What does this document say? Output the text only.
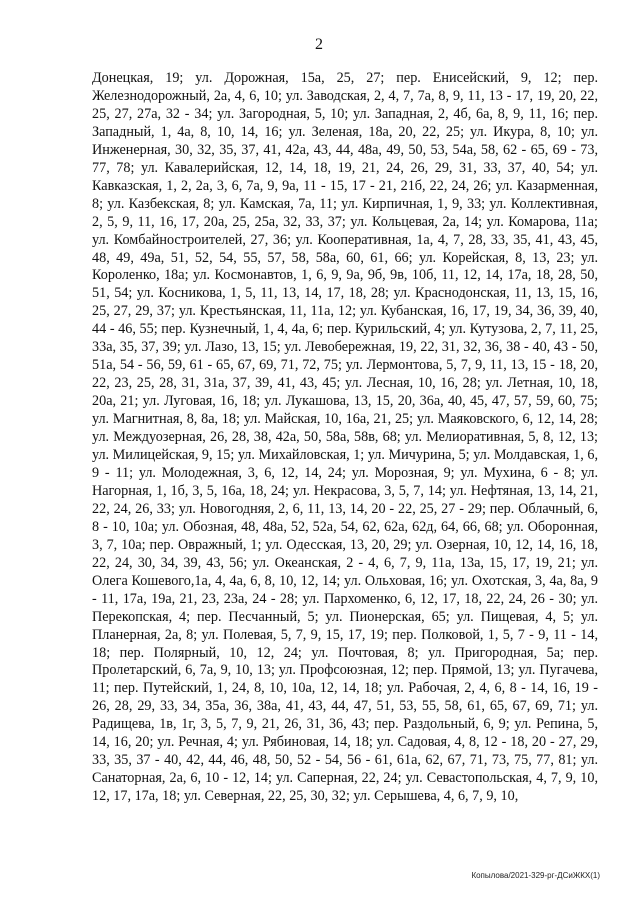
2

Донецкая, 19; ул. Дорожная, 15а, 25, 27; пер. Енисейский, 9, 12; пер. Железнодорожный, 2а, 4, 6, 10; ул. Заводская, 2, 4, 7, 7а, 8, 9, 11, 13 - 17, 19, 20, 22, 25, 27, 27а, 32 - 34; ул. Загородная, 5, 10; ул. Западная, 2, 4б, 6а, 8, 9, 11, 16; пер. Западный, 1, 4а, 8, 10, 14, 16; ул. Зеленая, 18а, 20, 22, 25; ул. Икура, 8, 10; ул. Инженерная, 30, 32, 35, 37, 41, 42а, 43, 44, 48а, 49, 50, 53, 54а, 58, 62 - 65, 69 - 73, 77, 78; ул. Кавалерийская, 12, 14, 18, 19, 21, 24, 26, 29, 31, 33, 37, 40, 54; ул. Кавказская, 1, 2, 2а, 3, 6, 7а, 9, 9а, 11 - 15, 17 - 21, 21б, 22, 24, 26; ул. Казарменная, 8; ул. Казбекская, 8; ул. Камская, 7а, 11; ул. Кирпичная, 1, 9, 33; ул. Коллективная, 2, 5, 9, 11, 16, 17, 20а, 25, 25а, 32, 33, 37; ул. Кольцевая, 2а, 14; ул. Комарова, 11а; ул. Комбайностроителей, 27, 36; ул. Кооперативная, 1а, 4, 7, 28, 33, 35, 41, 43, 45, 48, 49, 49а, 51, 52, 54, 55, 57, 58, 58а, 60, 61, 66; ул. Корейская, 8, 13, 23; ул. Короленко, 18а; ул. Космонавтов, 1, 6, 9, 9а, 9б, 9в, 10б, 11, 12, 14, 17а, 18, 28, 50, 51, 54; ул. Косникова, 1, 5, 11, 13, 14, 17, 18, 28; ул. Краснодонская, 11, 13, 15, 16, 25, 27, 29, 37; ул. Крестьянская, 11, 11а, 12; ул. Кубанская, 16, 17, 19, 34, 36, 39, 40, 44 - 46, 55; пер. Кузнечный, 1, 4, 4а, 6; пер. Курильский, 4; ул. Кутузова, 2, 7, 11, 25, 33а, 35, 37, 39; ул. Лазо, 13, 15; ул. Левобережная, 19, 22, 31, 32, 36, 38 - 40, 43 - 50, 51а, 54 - 56, 59, 61 - 65, 67, 69, 71, 72, 75; ул. Лермонтова, 5, 7, 9, 11, 13, 15 - 18, 20, 22, 23, 25, 28, 31, 31а, 37, 39, 41, 43, 45; ул. Лесная, 10, 16, 28; ул. Летная, 10, 18, 20а, 21; ул. Луговая, 16, 18; ул. Лукашова, 13, 15, 20, 36а, 40, 45, 47, 57, 59, 60, 75; ул. Магнитная, 8, 8а, 18; ул. Майская, 10, 16а, 21, 25; ул. Маяковского, 6, 12, 14, 28; ул. Междуозерная, 26, 28, 38, 42а, 50, 58а, 58в, 68; ул. Мелиоративная, 5, 8, 12, 13; ул. Милицейская, 9, 15; ул. Михайловская, 1; ул. Мичурина, 5; ул. Молдавская, 1, 6, 9 - 11; ул. Молодежная, 3, 6, 12, 14, 24; ул. Морозная, 9; ул. Мухина, 6 - 8; ул. Нагорная, 1, 1б, 3, 5, 16а, 18, 24; ул. Некрасова, 3, 5, 7, 14; ул. Нефтяная, 13, 14, 21, 22, 24, 26, 33; ул. Новогодняя, 2, 6, 11, 13, 14, 20 - 22, 25, 27 - 29; пер. Облачный, 6, 8 - 10, 10а; ул. Обозная, 48, 48а, 52, 52а, 54, 62, 62а, 62д, 64, 66, 68; ул. Оборонная, 3, 7, 10а; пер. Овражный, 1; ул. Одесская, 13, 20, 29; ул. Озерная, 10, 12, 14, 16, 18, 22, 24, 30, 34, 39, 43, 56; ул. Океанская, 2 - 4, 6, 7, 9, 11а, 13а, 15, 17, 19, 21; ул. Олега Кошевого,1а, 4, 4а, 6, 8, 10, 12, 14; ул. Ольховая, 16; ул. Охотская, 3, 4а, 8а, 9 - 11, 17а, 19а, 21, 23, 23а, 24 - 28; ул. Пархоменко, 6, 12, 17, 18, 22, 24, 26 - 30; ул. Перекопская, 4; пер. Песчанный, 5; ул. Пионерская, 65; ул. Пищевая, 4, 5; ул. Планерная, 2а, 8; ул. Полевая, 5, 7, 9, 15, 17, 19; пер. Полковой, 1, 5, 7 - 9, 11 - 14, 18; пер. Полярный, 10, 12, 24; ул. Почтовая, 8; ул. Пригородная, 5а; пер. Пролетарский, 6, 7а, 9, 10, 13; ул. Профсоюзная, 12; пер. Прямой, 13; ул. Пугачева, 11; пер. Путейский, 1, 24, 8, 10, 10а, 12, 14, 18; ул. Рабочая, 2, 4, 6, 8 - 14, 16, 19 - 26, 28, 29, 33, 34, 35а, 36, 38а, 41, 43, 44, 47, 51, 53, 55, 58, 61, 65, 67, 69, 71; ул. Радищева, 1в, 1г, 3, 5, 7, 9, 21, 26, 31, 36, 43; пер. Раздольный, 6, 9; ул. Репина, 5, 14, 16, 20; ул. Речная, 4; ул. Рябиновая, 14, 18; ул. Садовая, 4, 8, 12 - 18, 20 - 27, 29, 33, 35, 37 - 40, 42, 44, 46, 48, 50, 52 - 54, 56 - 61, 61а, 62, 67, 71, 73, 75, 77, 81; ул. Санаторная, 2а, 6, 10 - 12, 14; ул. Саперная, 22, 24; ул. Севастопольская, 4, 7, 9, 10, 12, 17, 17а, 18; ул. Северная, 22, 25, 30, 32; ул. Серышева, 4, 6, 7, 9, 10,

Копылова/2021-329-рг-ДСиЖКХ(1)
